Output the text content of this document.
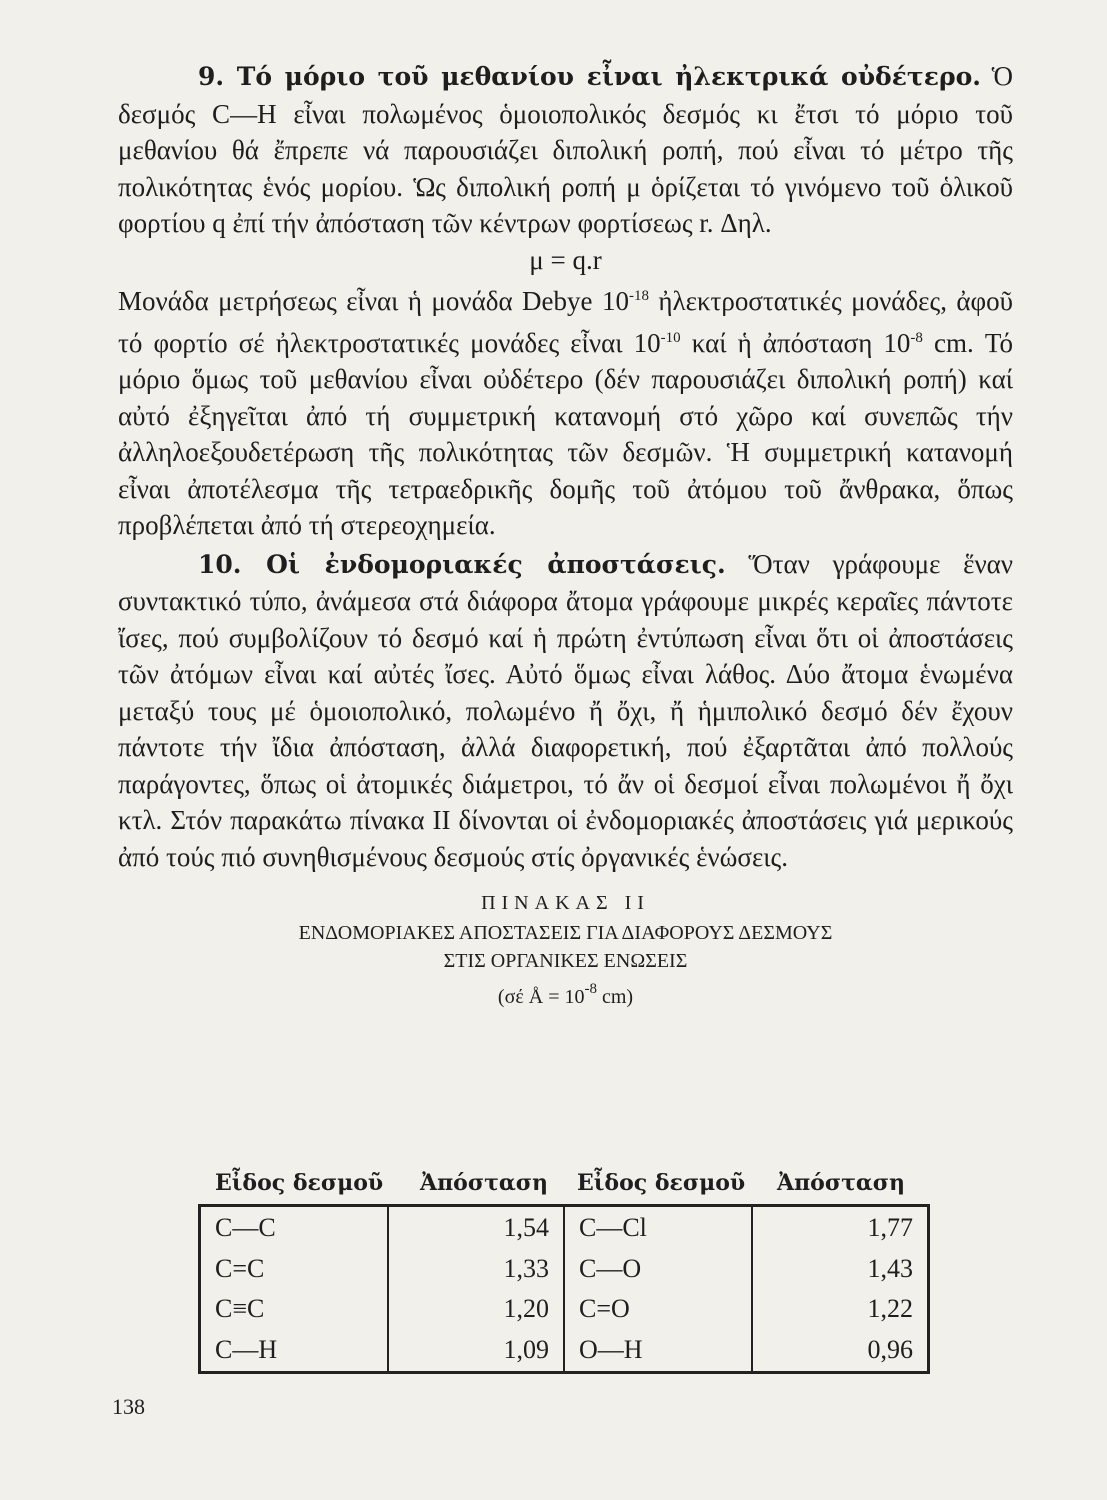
9. Τό μόριο τοῦ μεθανίου εἶναι ἠλεκτρικά οὐδέτερο. Ὁ δεσμός C—H εἶναι πολωμένος ὁμοιοπολικός δεσμός κι ἔτσι τό μόριο τοῦ μεθανίου θά ἔπρεπε νά παρουσιάζει διπολική ροπή, πού εἶναι τό μέτρο τῆς πολικότητας ἑνός μορίου. Ὡς διπολική ροπή μ ὁρίζεται τό γινόμενο τοῦ ὁλικοῦ φορτίου q ἐπί τήν ἀπόσταση τῶν κέντρων φορτίσεως r. Δηλ.

μ = q.r

Μονάδα μετρήσεως εἶναι ἡ μονάδα Debye $10^{-18}$ ἠλεκτροστατικές μονάδες, ἀφοῦ τό φορτίο σέ ἠλεκτροστατικές μονάδες εἶναι $10^{-10}$ καί ἡ ἀπόσταση $10^{-8}$ cm. Τό μόριο ὅμως τοῦ μεθανίου εἶναι οὐδέτερο (δέν παρουσιάζει διπολική ροπή) καί αὐτό ἐξηγεῖται ἀπό τή συμμετρική κατανομή στό χῶρο καί συνεπῶς τήν ἀλληλοεξουδετέρωση τῆς πολικότητας τῶν δεσμῶν. Ἡ συμμετρική κατανομή εἶναι ἀποτέλεσμα τῆς τετραεδρικῆς δομῆς τοῦ ἀτόμου τοῦ ἄνθρακα, ὅπως προβλέπεται ἀπό τή στερεοχημεία.

10. Οἱ ἐνδομοριακές ἀποστάσεις. Ὅταν γράφουμε ἕναν συντακτικό τύπο, ἀνάμεσα στά διάφορα ἄτομα γράφουμε μικρές κεραῖες πάντοτε ἴσες, πού συμβολίζουν τό δεσμό καί ἡ πρώτη ἐντύπωση εἶναι ὅτι οἱ ἀποστάσεις τῶν ἀτόμων εἶναι καί αὐτές ἴσες. Αὐτό ὅμως εἶναι λάθος. Δύο ἄτομα ἑνωμένα μεταξύ τους μέ ὁμοιοπολικό, πολωμένο ἤ ὄχι, ἤ ἡμιπολικό δεσμό δέν ἔχουν πάντοτε τήν ἴδια ἀπόσταση, ἀλλά διαφορετική, πού ἐξαρτᾶται ἀπό πολλούς παράγοντες, ὅπως οἱ ἀτομικές διάμετροι, τό ἄν οἱ δεσμοί εἶναι πολωμένοι ἤ ὄχι κτλ. Στόν παρακάτω πίνακα II δίνονται οἱ ἐνδομοριακές ἀποστάσεις γιά μερικούς ἀπό τούς πιό συνηθισμένους δεσμούς στίς ὀργανικές ἑνώσεις.

ΠΙΝΑΚΑΣ II
ΕΝΔΟΜΟΡΙΑΚΕΣ ΑΠΟΣΤΑΣΕΙΣ ΓΙΑ ΔΙΑΦΟΡΟΥΣ ΔΕΣΜΟΥΣ
ΣΤΙΣ ΟΡΓΑΝΙΚΕΣ ΕΝΩΣΕΙΣ
(σέ Å = $10^{-8}$ cm)
Εἶδος δεσμοῦ Ἀπόσταση Εἶδος δεσμοῦ Ἀπόσταση
C—C	1,54	C—Cl	1,77
C=C	1,33	C—O	1,43
C≡C	1,20	C=O	1,22
C—H	1,09	O—H	0,96
138
